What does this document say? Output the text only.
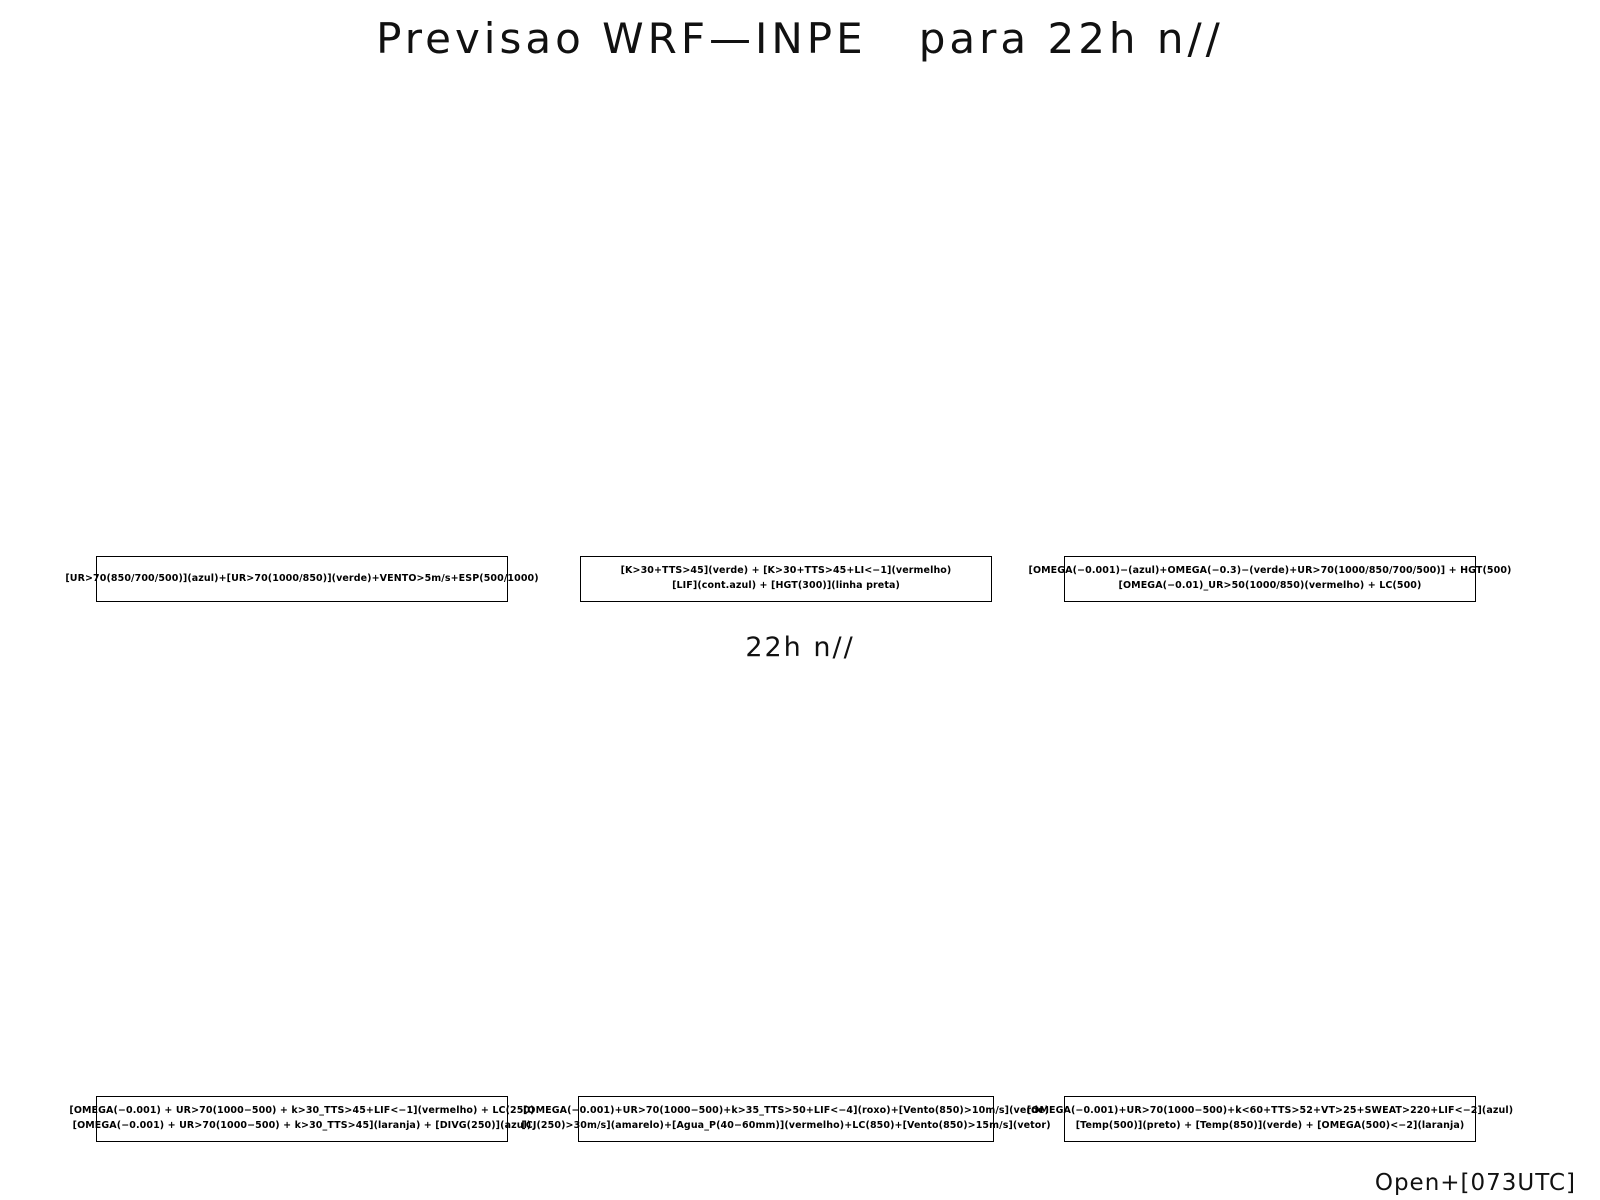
Previsao WRF—INPE   para 22h n//
[UR>70(850/700/500)](azul)+[UR>70(1000/850)](verde)+VENTO>5m/s+ESP(500/1000)
[K>30+TTS>45](verde) + [K>30+TTS>45+LI<−1](vermelho)
[LIF](cont.azul) + [HGT(300)](linha preta)
[OMEGA(−0.001)−(azul)+OMEGA(−0.3)−(verde)+UR>70(1000/850/700/500)] + HGT(500)
[OMEGA(−0.01)_UR>50(1000/850)(vermelho) + LC(500)
22h n//
[OMEGA(−0.001) + UR>70(1000−500) + k>30_TTS>45+LIF<−1](vermelho) + LC(250)
[OMEGA(−0.001) + UR>70(1000−500) + k>30_TTS>45](laranja) + [DIVG(250)](azul)
[OMEGA(−0.001)+UR>70(1000−500)+k>35_TTS>50+LIF<−4](roxo)+[Vento(850)>10m/s](verde)
[CJ(250)>30m/s](amarelo)+[Agua_P(40−60mm)](vermelho)+LC(850)+[Vento(850)>15m/s](vetor)
[OMEGA(−0.001)+UR>70(1000−500)+k<60+TTS>52+VT>25+SWEAT>220+LIF<−2](azul)
[Temp(500)](preto) + [Temp(850)](verde) + [OMEGA(500)<−2](laranja)
Open+[073UTC]
